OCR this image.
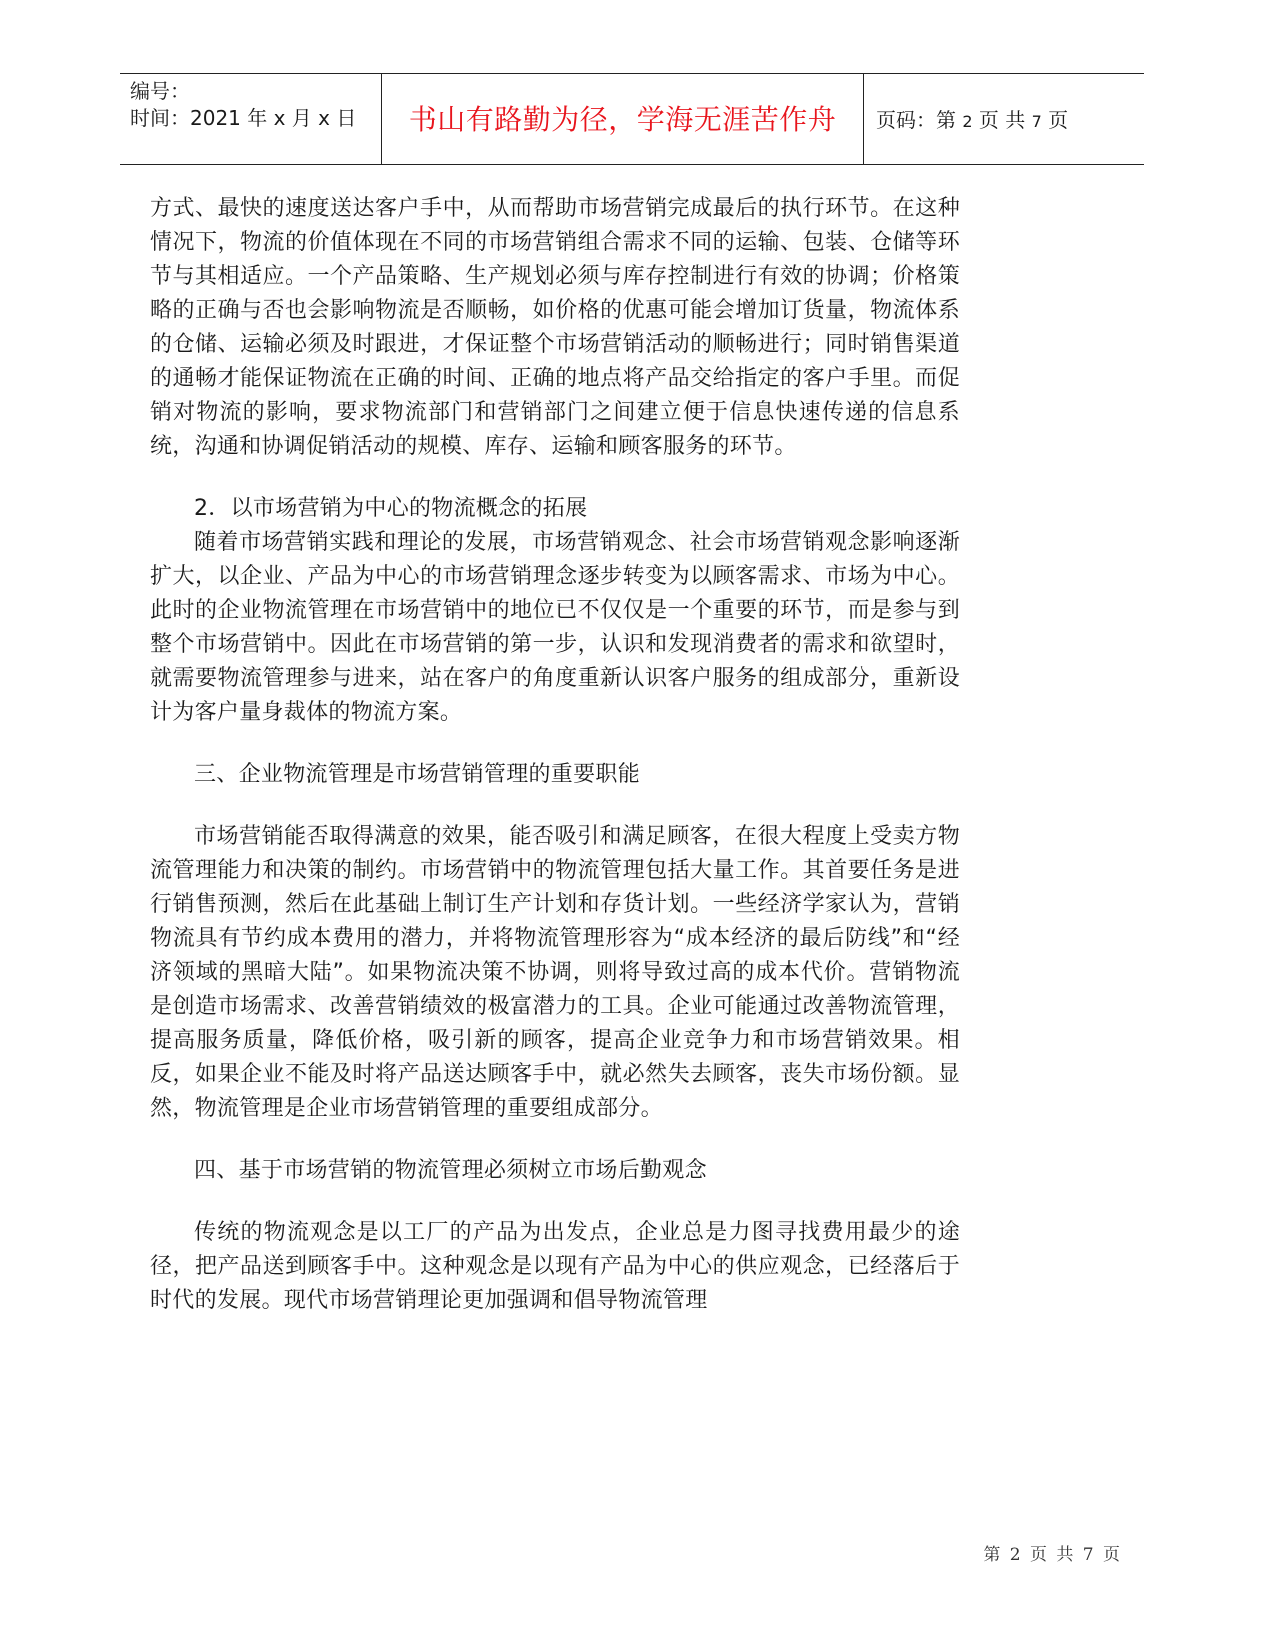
编号：
时间：2021 年 x 月 x 日	书山有路勤为径，学海无涯苦作舟	页码：第 2 页 共 7 页

方式、最快的速度送达客户手中，从而帮助市场营销完成最后的执行环节。在这种情况下，物流的价值体现在不同的市场营销组合需求不同的运输、包装、仓储等环节与其相适应。一个产品策略、生产规划必须与库存控制进行有效的协调；价格策略的正确与否也会影响物流是否顺畅，如价格的优惠可能会增加订货量，物流体系的仓储、运输必须及时跟进，才保证整个市场营销活动的顺畅进行；同时销售渠道的通畅才能保证物流在正确的时间、正确的地点将产品交给指定的客户手里。而促销对物流的影响，要求物流部门和营销部门之间建立便于信息快速传递的信息系统，沟通和协调促销活动的规模、库存、运输和顾客服务的环节。

2．以市场营销为中心的物流概念的拓展

随着市场营销实践和理论的发展，市场营销观念、社会市场营销观念影响逐渐扩大，以企业、产品为中心的市场营销理念逐步转变为以顾客需求、市场为中心。此时的企业物流管理在市场营销中的地位已不仅仅是一个重要的环节，而是参与到整个市场营销中。因此在市场营销的第一步，认识和发现消费者的需求和欲望时，就需要物流管理参与进来，站在客户的角度重新认识客户服务的组成部分，重新设计为客户量身裁体的物流方案。

三、企业物流管理是市场营销管理的重要职能

市场营销能否取得满意的效果，能否吸引和满足顾客，在很大程度上受卖方物流管理能力和决策的制约。市场营销中的物流管理包括大量工作。其首要任务是进行销售预测，然后在此基础上制订生产计划和存货计划。一些经济学家认为，营销物流具有节约成本费用的潜力，并将物流管理形容为“成本经济的最后防线”和“经济领域的黑暗大陆”。如果物流决策不协调，则将导致过高的成本代价。营销物流是创造市场需求、改善营销绩效的极富潜力的工具。企业可能通过改善物流管理，提高服务质量，降低价格，吸引新的顾客，提高企业竞争力和市场营销效果。相反，如果企业不能及时将产品送达顾客手中，就必然失去顾客，丧失市场份额。显然，物流管理是企业市场营销管理的重要组成部分。

四、基于市场营销的物流管理必须树立市场后勤观念

传统的物流观念是以工厂的产品为出发点，企业总是力图寻找费用最少的途径，把产品送到顾客手中。这种观念是以现有产品为中心的供应观念，已经落后于时代的发展。现代市场营销理论更加强调和倡导物流管理

第 2 页 共 7 页
